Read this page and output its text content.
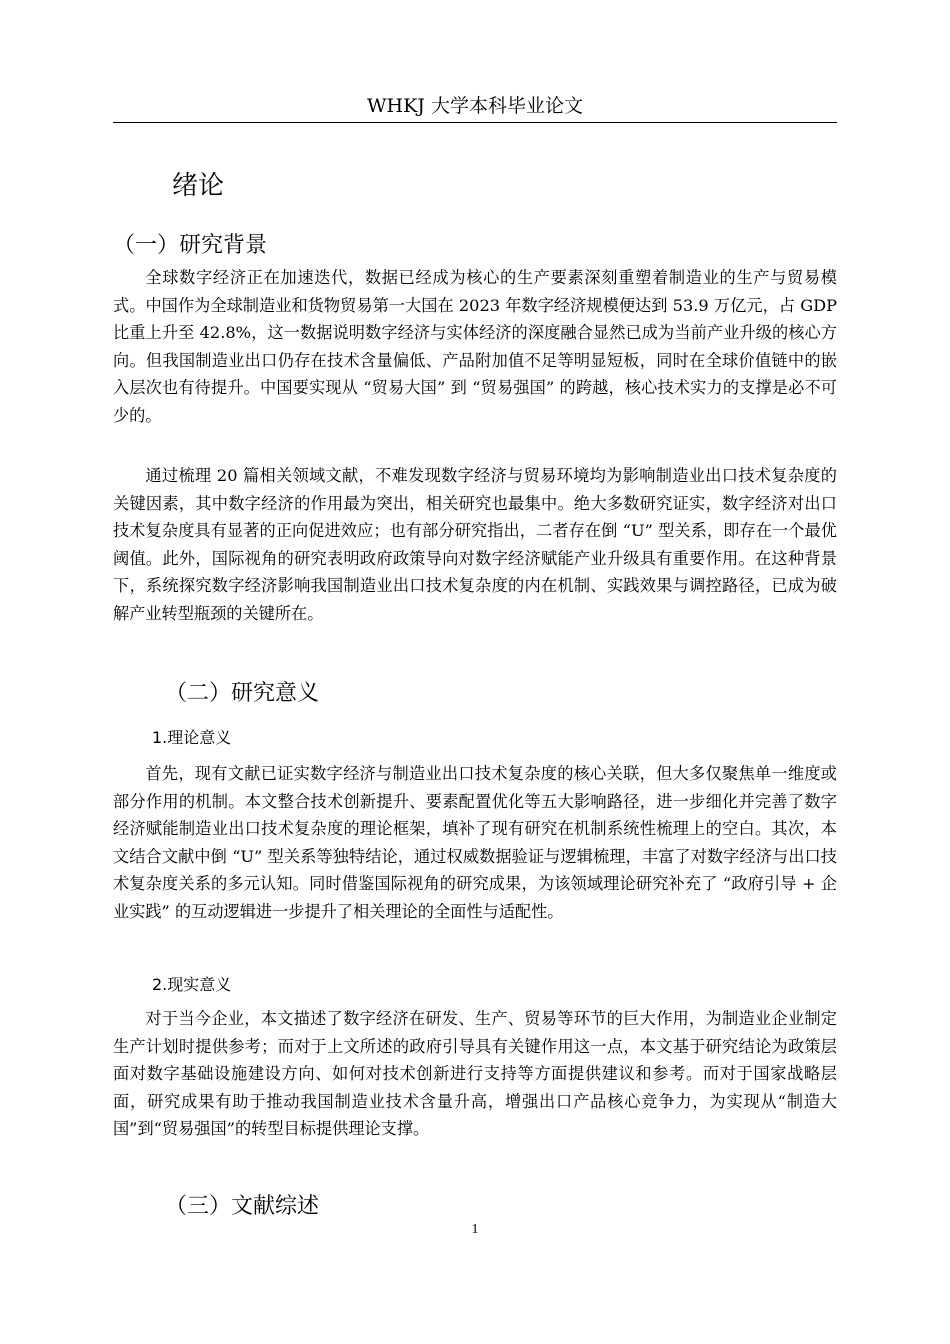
WHKJ 大学本科毕业论文
绪论
（一）研究背景

全球数字经济正在加速迭代，数据已经成为核心的生产要素深刻重塑着制造业的生产与贸易模式。中国作为全球制造业和货物贸易第一大国在 2023 年数字经济规模便达到 53.9 万亿元，占 GDP 比重上升至 42.8%，这一数据说明数字经济与实体经济的深度融合显然已成为当前产业升级的核心方向。但我国制造业出口仍存在技术含量偏低、产品附加值不足等明显短板，同时在全球价值链中的嵌入层次也有待提升。中国要实现从 “贸易大国” 到 “贸易强国” 的跨越，核心技术实力的支撑是必不可少的。

通过梳理 20 篇相关领域文献，不难发现数字经济与贸易环境均为影响制造业出口技术复杂度的关键因素，其中数字经济的作用最为突出，相关研究也最集中。绝大多数研究证实，数字经济对出口技术复杂度具有显著的正向促进效应；也有部分研究指出，二者存在倒 “U” 型关系，即存在一个最优阈值。此外，国际视角的研究表明政府政策导向对数字经济赋能产业升级具有重要作用。在这种背景下，系统探究数字经济影响我国制造业出口技术复杂度的内在机制、实践效果与调控路径，已成为破解产业转型瓶颈的关键所在。

（二）研究意义
1.理论意义

首先，现有文献已证实数字经济与制造业出口技术复杂度的核心关联，但大多仅聚焦单一维度或部分作用的机制。本文整合技术创新提升、要素配置优化等五大影响路径，进一步细化并完善了数字经济赋能制造业出口技术复杂度的理论框架，填补了现有研究在机制系统性梳理上的空白。其次，本文结合文献中倒 “U” 型关系等独特结论，通过权威数据验证与逻辑梳理，丰富了对数字经济与出口技术复杂度关系的多元认知。同时借鉴国际视角的研究成果，为该领域理论研究补充了 “政府引导 + 企业实践” 的互动逻辑进一步提升了相关理论的全面性与适配性。

2.现实意义

对于当今企业，本文描述了数字经济在研发、生产、贸易等环节的巨大作用，为制造业企业制定生产计划时提供参考；而对于上文所述的政府引导具有关键作用这一点，本文基于研究结论为政策层面对数字基础设施建设方向、如何对技术创新进行支持等方面提供建议和参考。而对于国家战略层面，研究成果有助于推动我国制造业技术含量升高，增强出口产品核心竞争力，为实现从“制造大国”到“贸易强国”的转型目标提供理论支撑。

（三）文献综述
1
